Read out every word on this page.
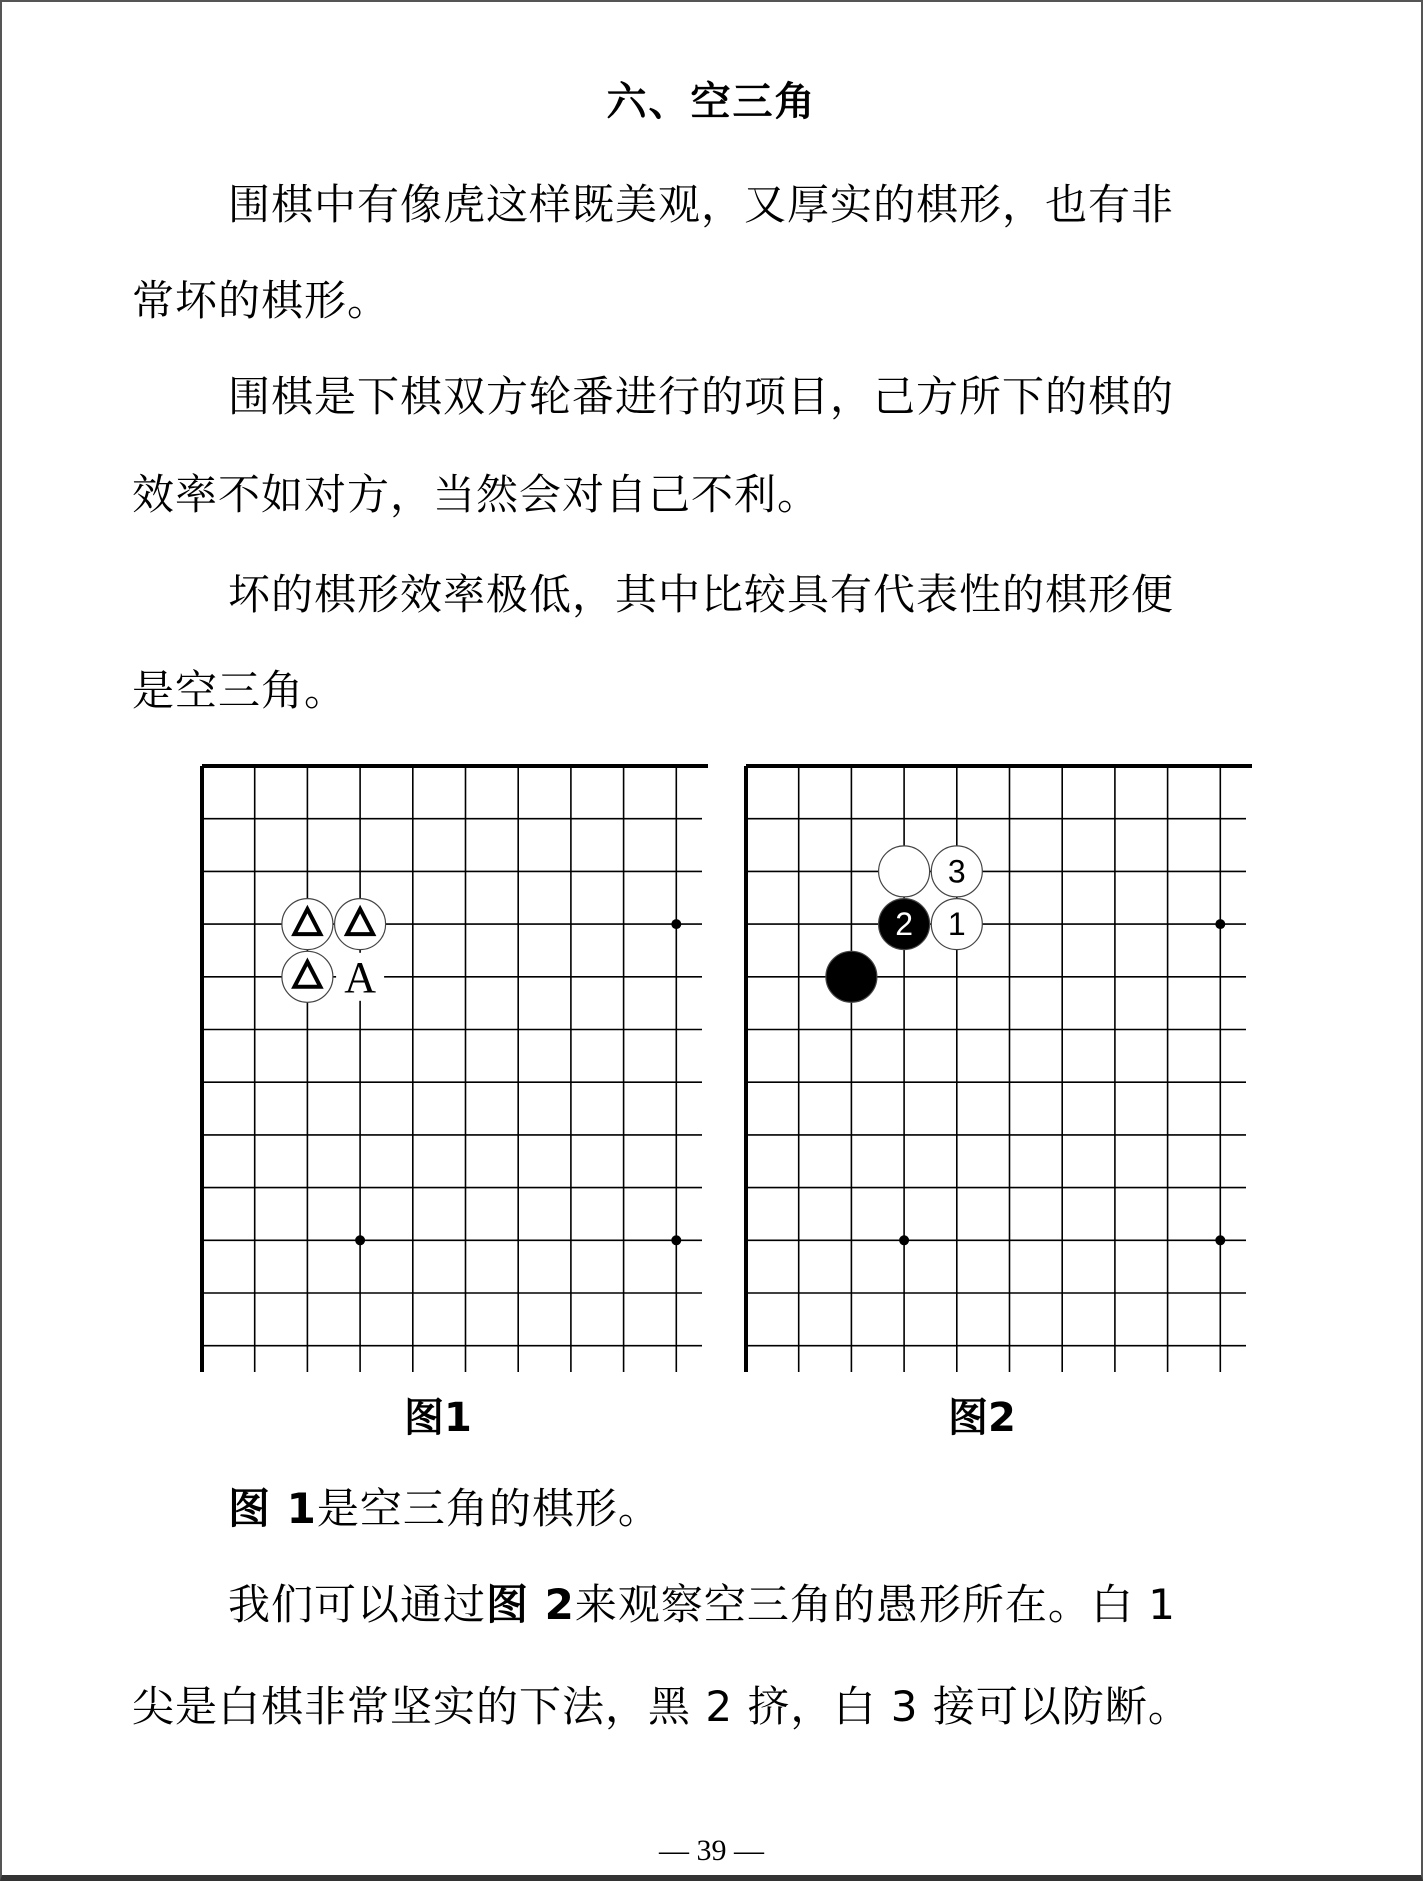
六、空三角
围棋中有像虎这样既美观，又厚实的棋形，也有非
常坏的棋形。
围棋是下棋双方轮番进行的项目，己方所下的棋的
效率不如对方，当然会对自己不利。
坏的棋形效率极低，其中比较具有代表性的棋形便
是空三角。
A
3
2 1
图1	图2
图 1是空三角的棋形。
我们可以通过图 2来观察空三角的愚形所在。白 1
尖是白棋非常坚实的下法，黑 2 挤，白 3 接可以防断。
— 39 —
